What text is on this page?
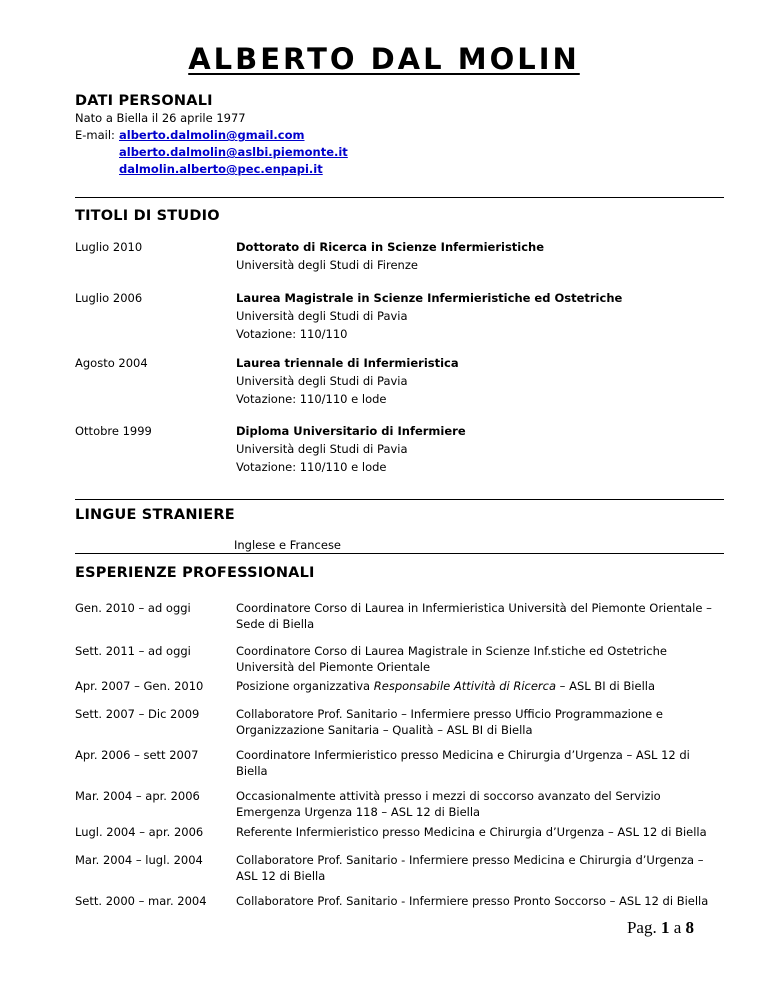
ALBERTO DAL MOLIN
DATI PERSONALI
Nato a Biella il 26 aprile 1977
E-mail: alberto.dalmolin@gmail.com
alberto.dalmolin@aslbi.piemonte.it
dalmolin.alberto@pec.enpapi.it
TITOLI DI STUDIO
Luglio 2010	Dottorato di Ricerca in Scienze Infermieristiche
Università degli Studi di Firenze
Luglio 2006	Laurea Magistrale in Scienze Infermieristiche ed Ostetriche
Università degli Studi di Pavia
Votazione: 110/110
Agosto 2004	Laurea triennale di Infermieristica
Università degli Studi di Pavia
Votazione: 110/110 e lode
Ottobre 1999	Diploma Universitario di Infermiere
Università degli Studi di Pavia
Votazione: 110/110 e lode
LINGUE STRANIERE
Inglese e Francese
ESPERIENZE PROFESSIONALI
Gen. 2010 – ad oggi	Coordinatore Corso di Laurea in Infermieristica Università del Piemonte Orientale – Sede di Biella
Sett. 2011 – ad oggi	Coordinatore Corso di Laurea Magistrale in Scienze Inf.stiche ed Ostetriche Università del Piemonte Orientale
Apr. 2007 – Gen. 2010	Posizione organizzativa Responsabile Attività di Ricerca – ASL BI di Biella
Sett. 2007 – Dic 2009	Collaboratore Prof. Sanitario – Infermiere presso Ufficio Programmazione e Organizzazione Sanitaria – Qualità – ASL BI di Biella
Apr. 2006 – sett 2007	Coordinatore Infermieristico presso Medicina e Chirurgia d’Urgenza – ASL 12 di Biella
Mar. 2004 – apr. 2006	Occasionalmente attività presso i mezzi di soccorso avanzato del Servizio Emergenza Urgenza 118 – ASL 12 di Biella
Lugl. 2004 – apr. 2006	Referente Infermieristico presso Medicina e Chirurgia d’Urgenza – ASL 12 di Biella
Mar. 2004 – lugl. 2004	Collaboratore Prof. Sanitario - Infermiere presso Medicina e Chirurgia d’Urgenza – ASL 12 di Biella
Sett. 2000 – mar. 2004	Collaboratore Prof. Sanitario - Infermiere presso Pronto Soccorso – ASL 12 di Biella
Pag. 1 a 8
